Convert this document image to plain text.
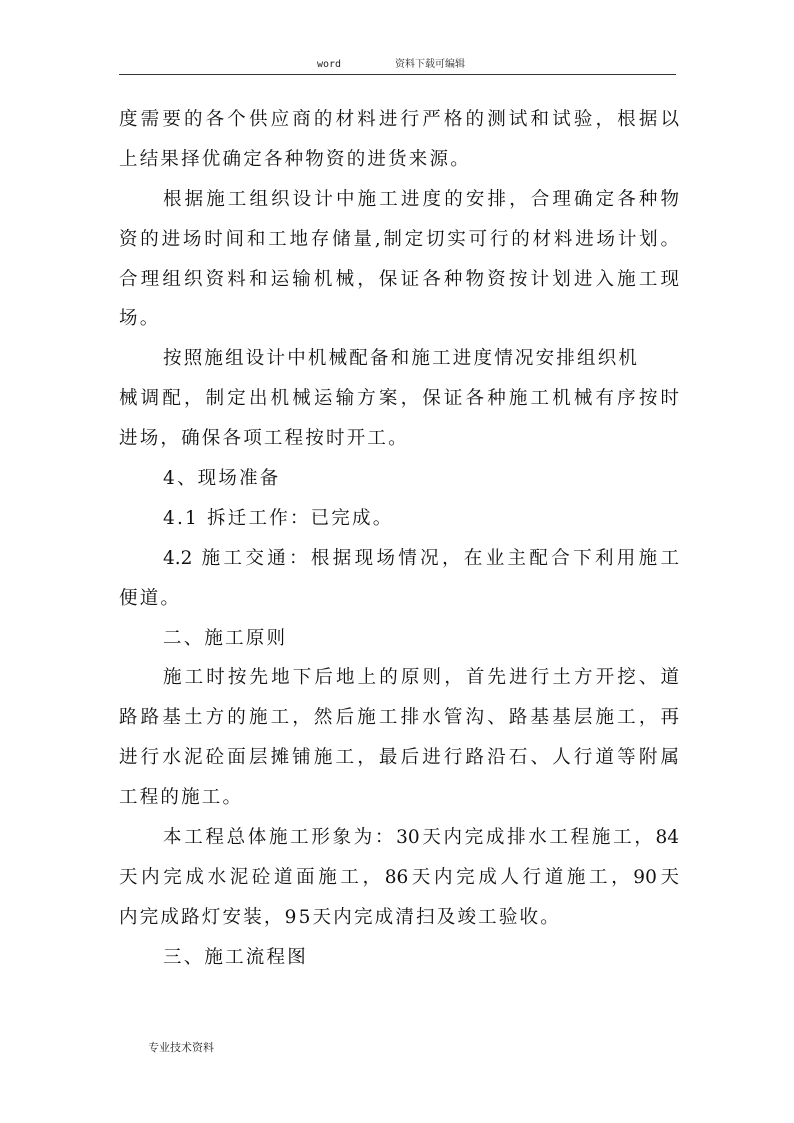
word	资料下载可编辑
度需要的各个供应商的材料进行严格的测试和试验，根据以
上结果择优确定各种物资的进货来源。
根据施工组织设计中施工进度的安排，合理确定各种物
资的进场时间和工地存储量,制定切实可行的材料进场计划。
合理组织资料和运输机械，保证各种物资按计划进入施工现
场。
按照施组设计中机械配备和施工进度情况安排组织机
械调配，制定出机械运输方案，保证各种施工机械有序按时
进场，确保各项工程按时开工。
4、现场准备
4.1 拆迁工作：已完成。
4.2 施工交通：根据现场情况，在业主配合下利用施工
便道。
二、施工原则
施工时按先地下后地上的原则，首先进行土方开挖、道
路路基土方的施工，然后施工排水管沟、路基基层施工，再
进行水泥砼面层摊铺施工，最后进行路沿石、人行道等附属
工程的施工。
本工程总体施工形象为：30天内完成排水工程施工，84
天内完成水泥砼道面施工，86天内完成人行道施工，90天
内完成路灯安装，95天内完成清扫及竣工验收。
三、施工流程图
专业技术资料
